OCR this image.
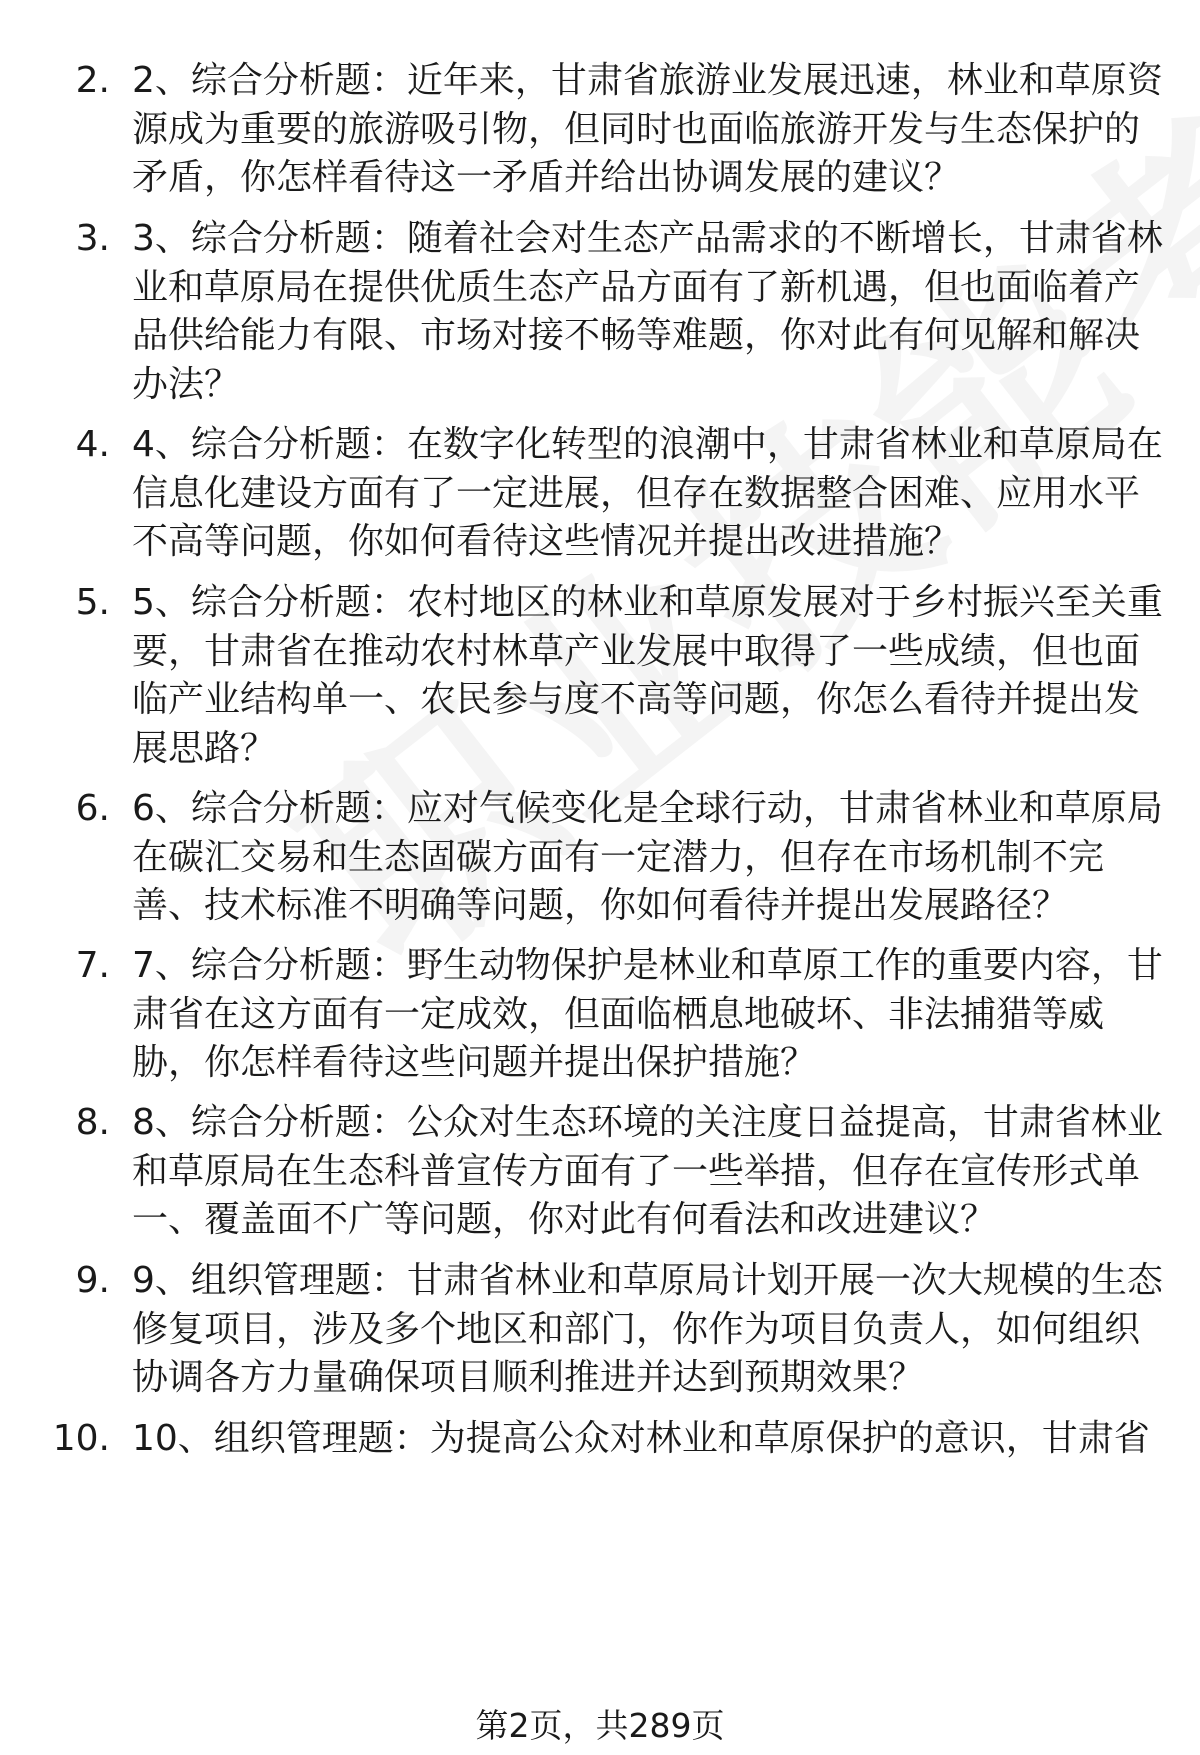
2. 2、综合分析题：近年来，甘肃省旅游业发展迅速，林业和草原资源成为重要的旅游吸引物，但同时也面临旅游开发与生态保护的矛盾，你怎样看待这一矛盾并给出协调发展的建议？
3. 3、综合分析题：随着社会对生态产品需求的不断增长，甘肃省林业和草原局在提供优质生态产品方面有了新机遇，但也面临着产品供给能力有限、市场对接不畅等难题，你对此有何见解和解决办法？
4. 4、综合分析题：在数字化转型的浪潮中，甘肃省林业和草原局在信息化建设方面有了一定进展，但存在数据整合困难、应用水平不高等问题，你如何看待这些情况并提出改进措施？
5. 5、综合分析题：农村地区的林业和草原发展对于乡村振兴至关重要，甘肃省在推动农村林草产业发展中取得了一些成绩，但也面临产业结构单一、农民参与度不高等问题，你怎么看待并提出发展思路？
6. 6、综合分析题：应对气候变化是全球行动，甘肃省林业和草原局在碳汇交易和生态固碳方面有一定潜力，但存在市场机制不完善、技术标准不明确等问题，你如何看待并提出发展路径？
7. 7、综合分析题：野生动物保护是林业和草原工作的重要内容，甘肃省在这方面有一定成效，但面临栖息地破坏、非法捕猎等威胁，你怎样看待这些问题并提出保护措施？
8. 8、综合分析题：公众对生态环境的关注度日益提高，甘肃省林业和草原局在生态科普宣传方面有了一些举措，但存在宣传形式单一、覆盖面不广等问题，你对此有何看法和改进建议？
9. 9、组织管理题：甘肃省林业和草原局计划开展一次大规模的生态修复项目，涉及多个地区和部门，你作为项目负责人，如何组织协调各方力量确保项目顺利推进并达到预期效果？
10. 10、组织管理题：为提高公众对林业和草原保护的意识，甘肃省
第2页，共289页
